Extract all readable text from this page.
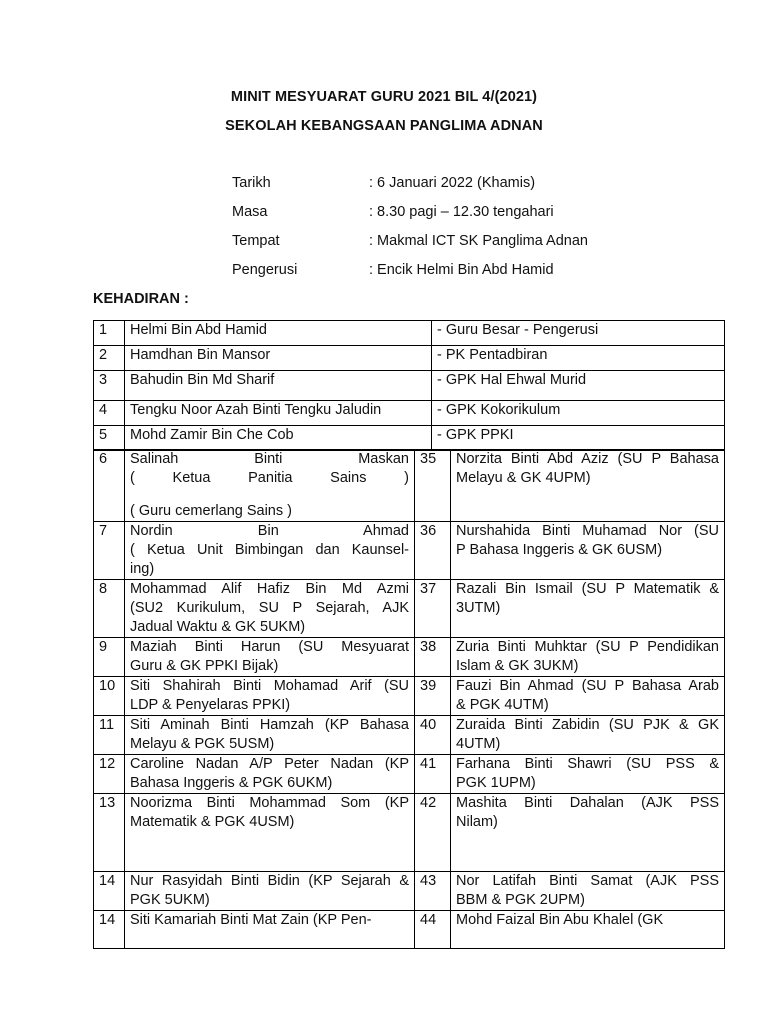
MINIT MESYUARAT GURU 2021 BIL 4/(2021)
SEKOLAH KEBANGSAAN PANGLIMA ADNAN
Tarikh	: 6 Januari 2022 (Khamis)
Masa	: 8.30 pagi – 12.30 tengahari
Tempat	: Makmal ICT SK Panglima Adnan
Pengerusi	: Encik Helmi Bin Abd Hamid
KEHADIRAN :
1	Helmi Bin Abd Hamid	- Guru Besar - Pengerusi
2	Hamdhan Bin Mansor	- PK Pentadbiran
3	Bahudin Bin Md Sharif	- GPK Hal Ehwal Murid
4	Tengku Noor Azah Binti Tengku Jaludin	- GPK Kokorikulum
5	Mohd Zamir Bin Che Cob	- GPK PPKI
6	Salinah Binti Maskan
( Ketua Panitia Sains )
( Guru cemerlang Sains )	35	Norzita Binti Abd Aziz (SU P Bahasa
Melayu & GK 4UPM)

7	Nordin Bin Ahmad
( Ketua Unit Bimbingan dan Kaunsel-
ing)	36	Nurshahida Binti Muhamad Nor (SU
P Bahasa Inggeris & GK 6USM)

8	Mohammad Alif Hafiz Bin Md Azmi
(SU2 Kurikulum, SU P Sejarah, AJK
Jadual Waktu & GK 5UKM)	37	Razali Bin Ismail (SU P Matematik &
3UTM)

9	Maziah Binti Harun (SU Mesyuarat
Guru & GK PPKI Bijak)	38	Zuria Binti Muhktar (SU P Pendidikan
Islam & GK 3UKM)

10	Siti Shahirah Binti Mohamad Arif (SU
LDP & Penyelaras PPKI)	39	Fauzi Bin Ahmad (SU P Bahasa Arab
& PGK 4UTM)

11	Siti Aminah Binti Hamzah (KP Bahasa
Melayu & PGK 5USM)	40	Zuraida Binti Zabidin (SU PJK & GK
4UTM)

12	Caroline Nadan A/P Peter Nadan (KP
Bahasa Inggeris & PGK 6UKM)	41	Farhana Binti Shawri (SU PSS &
PGK 1UPM)

13	Noorizma Binti Mohammad Som (KP
Matematik & PGK 4USM)	42	Mashita Binti Dahalan (AJK PSS
Nilam)

14	Nur Rasyidah Binti Bidin (KP Sejarah &
PGK 5UKM)	43	Nor Latifah Binti Samat (AJK PSS
BBM & PGK 2UPM)

14	Siti Kamariah Binti Mat Zain (KP Pen-	44	Mohd Faizal Bin Abu Khalel (GK
